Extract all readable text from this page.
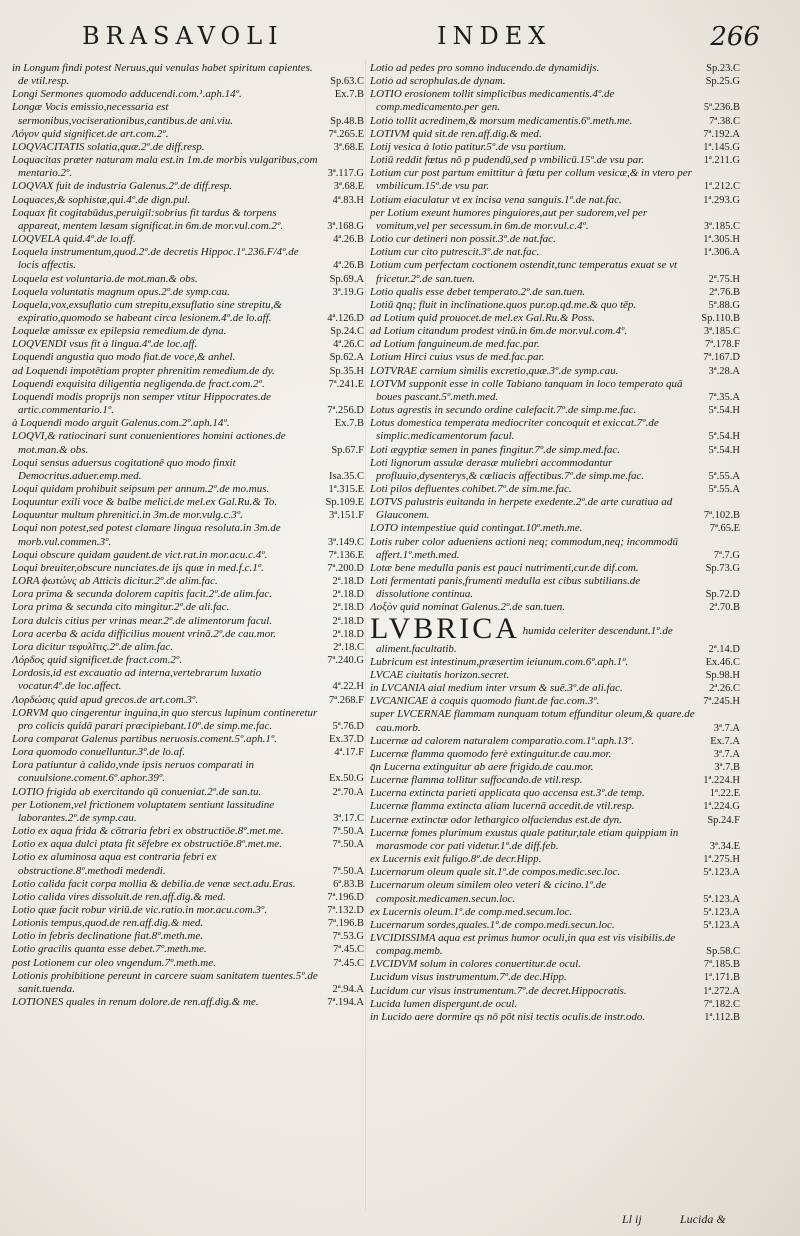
BRASAVOLI	INDEX	266
in Longum findi potest Neruus,qui venulas habet spiritum capientes. de vtil.resp.	Sp.63.C
Longi Sermones quomodo adducendi.com.¹.aph.14º.	Ex.7.B
Longæ Vocis emissio,necessaria est sermonibus,vociserationibus,cantibus.de ani.viu.	Sp.48.B
Λόγον quid significet.de art.com.2º.	7ª.265.E
LOQVACITATIS solatia,quæ.2º.de diff.resp.	3ª.68.E
Loquacitas præter naturam mala est.in 1m.de morbis vulgaribus,com mentario.2º.	3ª.117.G
LOQVAX fuit de industria Galenus.2º.de diff.resp.	3ª.68.E
Loquaces,& sophistæ,qui.4º.de dign.pul.	4ª.83.H
Loquax fit cogitabūdus,peruigil:sobrius fit tardus & torpens appareat, mentem læsam significat.in 6m.de mor.vul.com.2º.	3ª.168.G
LOQVELA quid.4º.de lo.aff.	4ª.26.B
Loquela instrumentum,quod.2º.de decretis Hippoc.1º.236.F/4º.de locis affectis.	4ª.26.B
Loquela est voluntaria.de mot.man.& obs.	Sp.69.A
Loquela voluntatis magnum opus.2º.de symp.cau.	3ª.19.G
Loquela,vox,exsuflatio cum strepitu,exsuflatio sine strepitu,& expiratio,quomodo se habeant circa lesionem.4º.de lo.aff.	4ª.126.D
Loquelæ amissæ ex epilepsia remedium.de dyna.	Sp.24.C
LOQVENDI vsus fit à lingua.4º.de loc.aff.	4ª.26.C
Loquendi angustia quo modo fiat.de voce,& anhel.	Sp.62.A
ad Loquendi impotētiam propter phrenitim remedium.de dy.	Sp.35.H
Loquendi exquisita diligentia negligenda.de fract.com.2º.	7ª.241.E
Loquendi modis proprijs non semper vtitur Hippocrates.de artic.commentario.1º.	7ª.256.D
à Loquendi modo arguit Galenus.com.2º.aph.14º.	Ex.7.B
LOQVI,& ratiocinari sunt conuenientiores homini actiones.de mot.man.& obs.	Sp.67.F
Loqui sensus aduersus cogitationē quo modo finxit Democritus.aduer.emp.med.	Isa.35.C
Loqui quidam prohibuit seipsum per annum.2º.de mo.mus.	1ª.315.E
Loquuntur exili voce & balbe melici.de mel.ex Gal.Ru.& To.	Sp.109.E
Loquuntur multum phrenitici.in 3m.de mor.vulg.c.3º.	3ª.151.F
Loqui non potest,sed potest clamare lingua resoluta.in 3m.de morb.vul.commen.3º.	3ª.149.C
Loqui obscure quidam gaudent.de vict.rat.in mor.acu.c.4º.	7ª.136.E
Loqui breuiter,obscure nunciates.de ijs quæ in med.f.c.1º.	7ª.200.D
LORA ϕωτώνς ab Atticis dicitur.2º.de alim.fac.	2ª.18.D
Lora prima & secunda dolorem capitis facit.2º.de alim.fac.	2ª.18.D
Lora prima & secunda cito mingitur.2º.de ali.fac.	2ª.18.D
Lora dulcis citius per vrinas mear.2º.de alimentorum facul.	2ª.18.D
Lora acerba & acida difficilius mouent vrinā.2º.de cau.mor.	2ª.18.D
Lora dicitur τεφυλῖτις.2º.de alim.fac.	2ª.18.C
Λόρδος quid significet.de fract.com.2º.	7ª.240.G
Lordosis,id est excauatio ad interna,vertebrarum luxatio vocatur.4º.de loc.affect.	4ª.22.H
Λορδώσις quid apud grecos.de art.com.3º.	7ª.268.F
LORVM quo cingerentur inguina,in quo stercus lupinum contineretur pro colicis quidā parari præcipiebant.10º.de simp.me.fac.	5ª.76.D
Lora comparat Galenus partibus neruosis.coment.5º.aph.1º.	Ex.37.D
Lora quomodo conuelluntur.3º.de lo.af.	4ª.17.F
Lora patiuntur à calido,vnde ipsis neruos comparati in conuulsione.coment.6º.aphor.39º.	Ex.50.G
LOTIO frigida ab exercitando qū conueniat.2º.de san.tu.	2ª.70.A
per Lotionem,vel frictionem voluptatem sentiunt lassitudine laborantes.2º.de symp.cau.	3ª.17.C
Lotio ex aqua frida & cōtraria febri ex obstructiōe.8º.met.me.	7ª.50.A
Lotio ex aqua dulci ptata fit sēfebre ex obstructiōe.8º.met.me.	7ª.50.A
Lotio ex aluminosa aqua est contraria febri ex obstructione.8º.methodi medendi.	7ª.50.A
Lotio calida facit corpa mollia & debilia.de venæ sect.adu.Eras.	6ª.83.B
Lotio calida vires dissoluit.de ren.aff.dig.& med.	7ª.196.D
Lotio quæ facit robur viriū.de vic.ratio.in mor.acu.com.3º.	7ª.132.D
Lotionis tempus,quod.de ren.aff.dig.& med.	7ª.196.B
Lotio in febris declinatione fiat.8º.meth.me.	7ª.53.G
Lotio gracilis quanta esse debet.7º.meth.me.	7ª.45.C
post Lotionem cur oleo vngendum.7º.meth.me.	7ª.45.C
Lotionis prohibitione pereunt in carcere suam sanitatem tuentes.5º.de sanit.tuenda.	2ª.94.A
LOTIONES quales in renum dolore.de ren.aff.dig.& me.	7ª.194.A
Lotio ad pedes pro somno inducendo.de dynamidijs.	Sp.23.C
Lotio ad scrophulas.de dynam.	Sp.25.G
LOTIO erosionem tollit simplicibus medicamentis.4º.de comp.medicamento.per gen.	5ª.236.B
Lotio tollit acredinem,& morsum medicamentis.6º.meth.me.	7ª.38.C
LOTIVM quid sit.de ren.aff.dig.& med.	7ª.192.A
Lotij vesica à lotio patitur.5º.de vsu partium.	1ª.145.G
Lotiū reddit fœtus nō p pudendū,sed p vmbilicū.15º.de vsu par.	1ª.211.G
Lotium cur post partum emittitur à fœtu per collum vesicæ,& in vtero per vmbilicum.15º.de vsu par.	1ª.212.C
Lotium eiaculatur vt ex incisa vena sanguis.1º.de nat.fac.	1ª.293.G
per Lotium exeunt humores pinguiores,aut per sudorem,vel per vomitum,vel per secessum.in 6m.de mor.vul.c.4º.	3ª.185.C
Lotio cur detineri non possit.3º.de nat.fac.	1ª.305.H
Lotium cur cito putrescit.3º.de nat.fac.	1ª.306.A
Lotium cum perfectam coctionem ostendit,tunc temperatus exuat se vt fricetur.2º.de san.tuen.	2ª.75.H
Lotio qualis esse debet temperato.2º.de san.tuen.	2ª.76.B
Lotiū q̄nq; fluit in inclinatione.quos pur.op.qd.me.& quo tēp.	5ª.88.G
ad Lotium quid prouocet.de mel.ex Gal.Ru.& Poss.	Sp.110.B
ad Lotium citandum prodest vinū.in 6m.de mor.vul.com.4º.	3ª.185.C
ad Lotium fanguineum.de med.fac.par.	7ª.178.F
Lotium Hirci cuius vsus de med.fac.par.	7ª.167.D
LOTVRAE carnium similis excretio,quæ.3º.de symp.cau.	3ª.28.A
LOTVM supponit esse in colle Tabiano tanquam in loco temperato quā boues pascant.5º.meth.med.	7ª.35.A
Lotus agrestis in secundo ordine calefacit.7º.de simp.me.fac.	5ª.54.H
Lotus domestica temperata mediocriter concoquit et exiccat.7º.de simplic.medicamentorum facul.	5ª.54.H
Loti ægyptiæ semen in panes fingitur.7º.de simp.med.fac.	5ª.54.H
Loti lignorum assulæ derasæ muliebri accommodantur profluuio,dysenterys,& cœliacis affectibus.7º.de simp.me.fac.	5ª.55.A
Loti pilos defluentes cohibet.7º.de sim.me.fac.	5ª.55.A
LOTVS palustris euitanda in herpete exedente.2º.de arte curatiua ad Glauconem.	7ª.102.B
LOTO intempestiue quid contingat.10º.meth.me.	7ª.65.E
Lotis ruber color adueniens actioni neq; commodum,neq; incommodū affert.1º.meth.med.	7ª.7.G
Lotæ bene medulla panis est pauci nutrimenti,cur.de dif.com.	Sp.73.G
Loti fermentati panis,frumenti medulla est cibus subtilians.de dissolutione continua.	Sp.72.D
Λοξὸν quid nominat Galenus.2º.de san.tuen.	2ª.70.B
LVBRICA humida celeriter descendunt.1º.de aliment.facultatib.	2ª.14.D
Lubricum est intestinum,præsertim ieiunum.com.6º.aph.1º.	Ex.46.C
LVCAE ciuitatis horizon.secret.	Sp.98.H
in LVCANIA aial medium inter vrsum & suē.3º.de ali.fac.	2ª.26.C
LVCANICAE à coquis quomodo fiunt.de fac.com.3º.	7ª.245.H
super LVCERNAE flammam nunquam totum effunditur oleum,& quare.de cau.morb.	3ª.7.A
Lucernæ ad calorem naturalem comparatio.com.1º.aph.13º.	Ex.7.A
Lucernæ flamma quomodo ferè extinguitur.de cau.mor.	3ª.7.A
q̄n Lucerna extinguitur ab aere frigido.de cau.mor.	3ª.7.B
Lucernæ flamma tollitur suffocando.de vtil.resp.	1ª.224.H
Lucerna extincta parieti applicata quo accensa est.3º.de temp.	1ª.22.E
Lucernæ flamma extincta aliam lucernā accedit.de vtil.resp.	1ª.224.G
Lucernæ extinctæ odor lethargico olfaciendus est.de dyn.	Sp.24.F
Lucernæ fomes plurimum exustus quale patitur,tale etiam quippiam in marasmode cor pati videtur.1º.de diff.feb.	3ª.34.E
ex Lucernis exit fuligo.8º.de decr.Hipp.	1ª.275.H
Lucernarum oleum quale sit.1º.de compos.medic.sec.loc.	5ª.123.A
Lucernarum oleum similem oleo veteri & cicino.1º.de composit.medicamen.secun.loc.	5ª.123.A
ex Lucernis oleum.1º.de comp.med.secum.loc.	5ª.123.A
Lucernarum sordes,quales.1º.de compo.medi.secun.loc.	5ª.123.A
LVCIDISSIMA aqua est primus humor oculi,in qua est vis visibilis.de compag.memb.	Sp.58.C
LVCIDVM solum in colores conuertitur.de ocul.	7ª.185.B
Lucidum visus instrumentum.7º.de dec.Hipp.	1ª.171.B
Lucidum cur visus instrumentum.7º.de decret.Hippocratis.	1ª.272.A
Lucida lumen dispergunt.de ocul.	7ª.182.C
in Lucido aere dormire qs nō pōt nisi tectis oculis.de instr.odo.	1ª.112.B
Ll ij	Lucida &
